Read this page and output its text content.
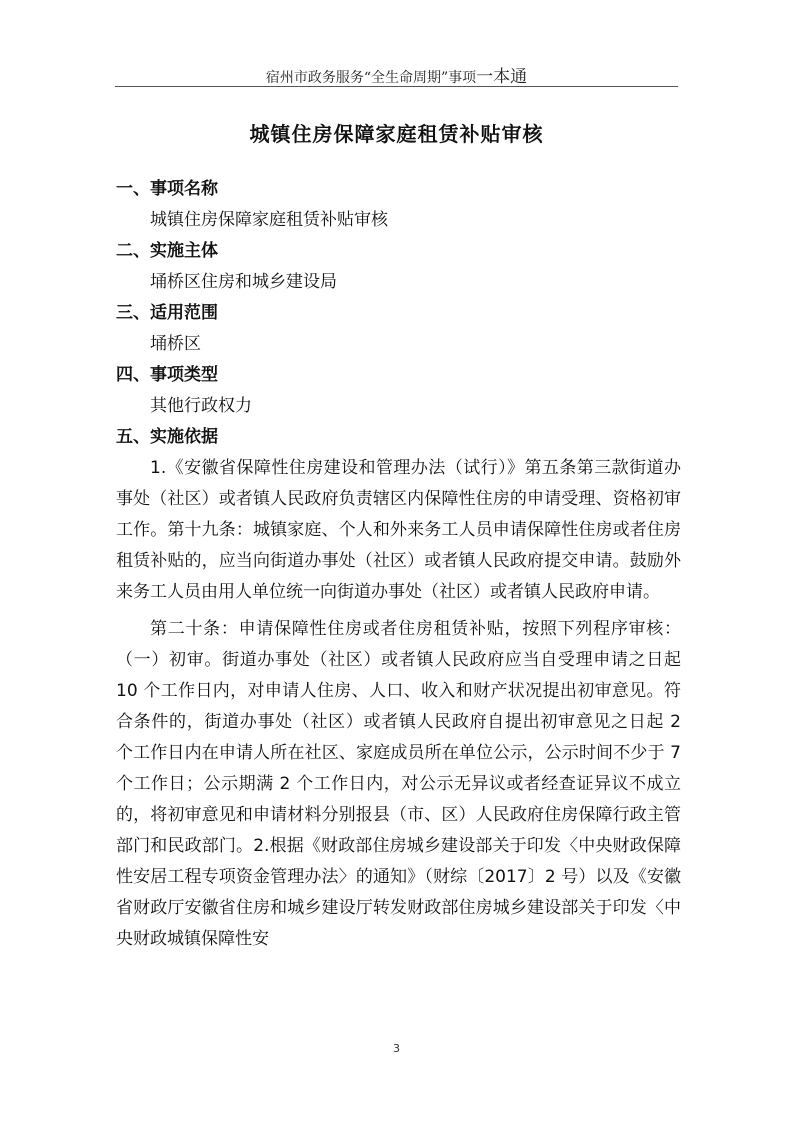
宿州市政务服务“全生命周期”事项一本通
城镇住房保障家庭租赁补贴审核
一、事项名称
城镇住房保障家庭租赁补贴审核
二、实施主体
埇桥区住房和城乡建设局
三、适用范围
埇桥区
四、事项类型
其他行政权力
五、实施依据

1.《安徽省保障性住房建设和管理办法（试行）》第五条第三款街道办事处（社区）或者镇人民政府负责辖区内保障性住房的申请受理、资格初审工作。第十九条：城镇家庭、个人和外来务工人员申请保障性住房或者住房租赁补贴的，应当向街道办事处（社区）或者镇人民政府提交申请。鼓励外来务工人员由用人单位统一向街道办事处（社区）或者镇人民政府申请。

第二十条：申请保障性住房或者住房租赁补贴，按照下列程序审核：（一）初审。街道办事处（社区）或者镇人民政府应当自受理申请之日起 10 个工作日内，对申请人住房、人口、收入和财产状况提出初审意见。符合条件的，街道办事处（社区）或者镇人民政府自提出初审意见之日起 2 个工作日内在申请人所在社区、家庭成员所在单位公示，公示时间不少于 7 个工作日；公示期满 2 个工作日内，对公示无异议或者经查证异议不成立的，将初审意见和申请材料分别报县（市、区）人民政府住房保障行政主管部门和民政部门。2.根据《财政部住房城乡建设部关于印发〈中央财政保障性安居工程专项资金管理办法〉的通知》（财综〔2017〕2 号）以及《安徽省财政厅安徽省住房和城乡建设厅转发财政部住房城乡建设部关于印发〈中央财政城镇保障性安

3
